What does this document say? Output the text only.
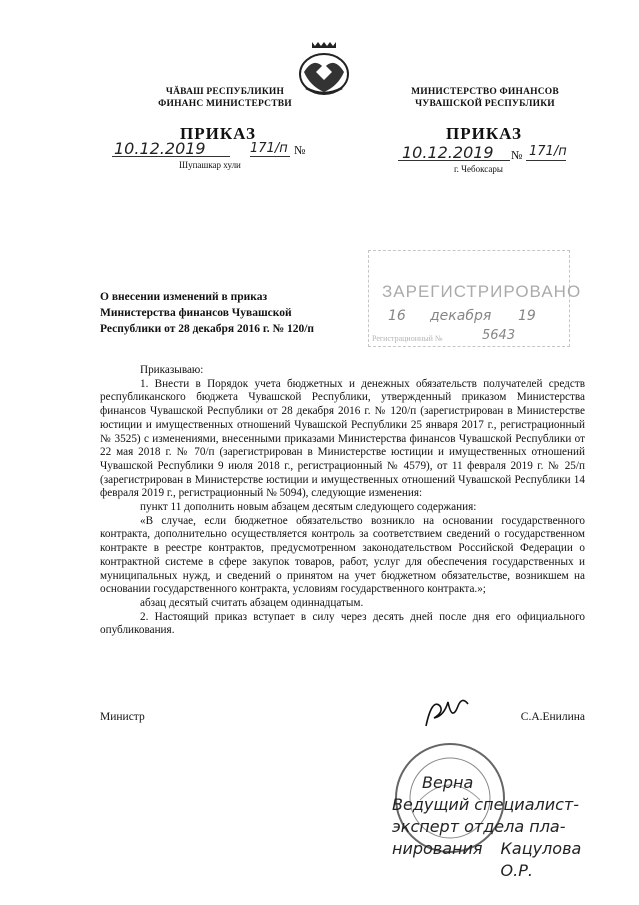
ЧĂВАШ РЕСПУБЛИКИН
ФИНАНС МИНИСТЕРСТВИ
МИНИСТЕРСТВО ФИНАНСОВ
ЧУВАШСКОЙ РЕСПУБЛИКИ
ПРИКАЗ	ПРИКАЗ
10.12.2019	171/п №
Шупашкар хули
10.12.2019 № 171/п
г. Чебоксары
О внесении изменений в приказ Министерства финансов Чувашской Республики от 28 декабря 2016 г. № 120/п
ЗАРЕГИСТРИРОВАНО
16 декабря 19
Регистрационный №	5643

Приказываю:

1. Внести в Порядок учета бюджетных и денежных обязательств получателей средств республиканского бюджета Чувашской Республики, утвержденный приказом Министерства финансов Чувашской Республики от 28 декабря 2016 г. № 120/п (зарегистрирован в Министерстве юстиции и имущественных отношений Чувашской Республики 25 января 2017 г., регистрационный № 3525) с изменениями, внесенными приказами Министерства финансов Чувашской Республики от 22 мая 2018 г. № 70/п (зарегистрирован в Министерстве юстиции и имущественных отношений Чувашской Республики 9 июля 2018 г., регистрационный № 4579), от 11 февраля 2019 г. № 25/п (зарегистрирован в Министерстве юстиции и имущественных отношений Чувашской Республики 14 февраля 2019 г., регистрационный № 5094), следующие изменения:

пункт 11 дополнить новым абзацем десятым следующего содержания:

«В случае, если бюджетное обязательство возникло на основании государственного контракта, дополнительно осуществляется контроль за соответствием сведений о государственном контракте в реестре контрактов, предусмотренном законодательством Российской Федерации о контрактной системе в сфере закупок товаров, работ, услуг для обеспечения государственных и муниципальных нужд, и сведений о принятом на учет бюджетном обязательстве, возникшем на основании государственного контракта, условиям государственного контракта.»;

абзац десятый считать абзацем одиннадцатым.

2. Настоящий приказ вступает в силу через десять дней после дня его официального опубликования.

Министр	С.А.Енилина
Верна
Ведущий специалист-
эксперт отдела пла-
нирования Кацулова О.Р.
